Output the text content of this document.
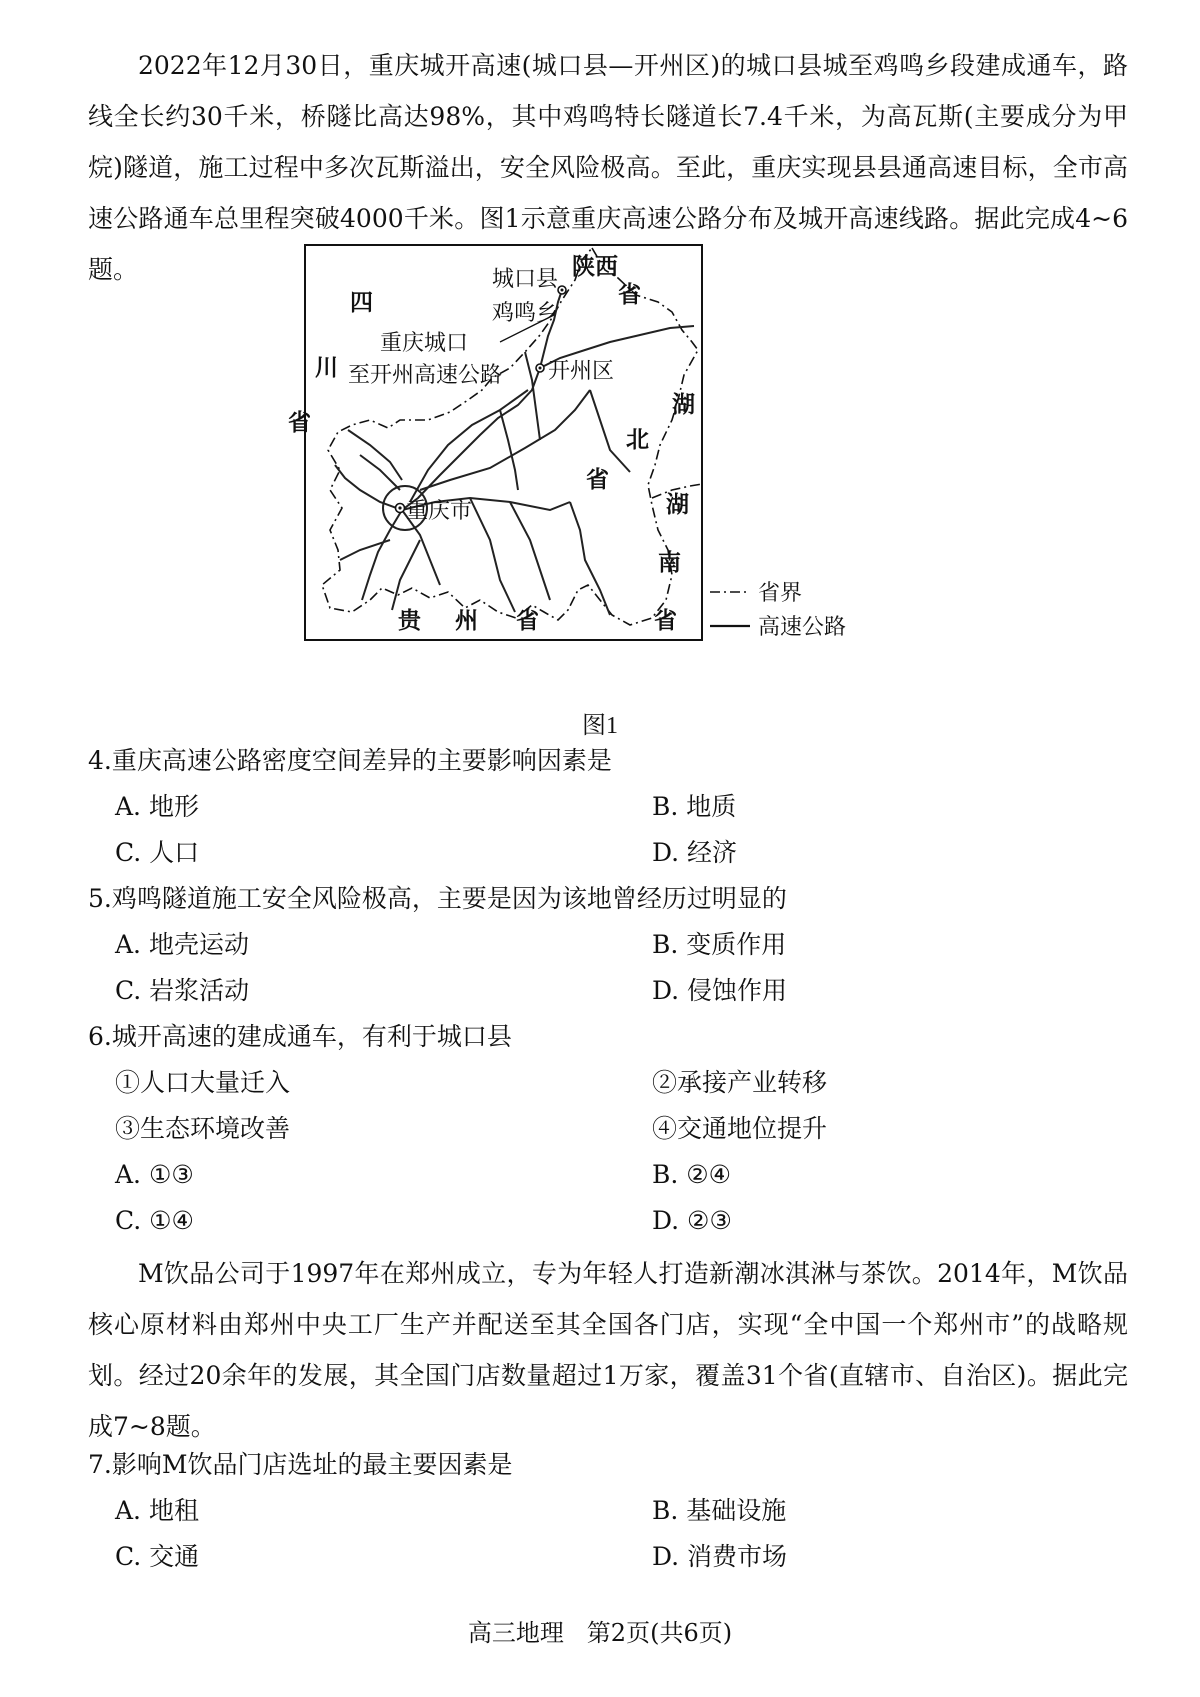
2022年12月30日，重庆城开高速(城口县—开州区)的城口县城至鸡鸣乡段建成通车，路线全长约30千米，桥隧比高达98%，其中鸡鸣特长隧道长7.4千米，为高瓦斯(主要成分为甲烷)隧道，施工过程中多次瓦斯溢出，安全风险极高。至此，重庆实现县县通高速目标，全市高速公路通车总里程突破4000千米。图1示意重庆高速公路分布及城开高速线路。据此完成4~6题。

四
川
省
陕西
省
湖
北
省
湖
南
省
贵 州 省
城口县
鸡鸣乡
重庆城口
至开州高速公路 开州区
重庆市
省界
高速公路
图1
4.重庆高速公路密度空间差异的主要影响因素是
A. 地形	B. 地质
C. 人口	D. 经济
5.鸡鸣隧道施工安全风险极高，主要是因为该地曾经历过明显的
A. 地壳运动	B. 变质作用
C. 岩浆活动	D. 侵蚀作用
6.城开高速的建成通车，有利于城口县
①人口大量迁入	②承接产业转移
③生态环境改善	④交通地位提升
A. ①③	B. ②④
C. ①④	D. ②③

M饮品公司于1997年在郑州成立，专为年轻人打造新潮冰淇淋与茶饮。2014年，M饮品核心原材料由郑州中央工厂生产并配送至其全国各门店，实现“全中国一个郑州市”的战略规划。经过20余年的发展，其全国门店数量超过1万家，覆盖31个省(直辖市、自治区)。据此完成7~8题。

7.影响M饮品门店选址的最主要因素是
A. 地租	B. 基础设施
C. 交通	D. 消费市场
高三地理   第2页(共6页)
